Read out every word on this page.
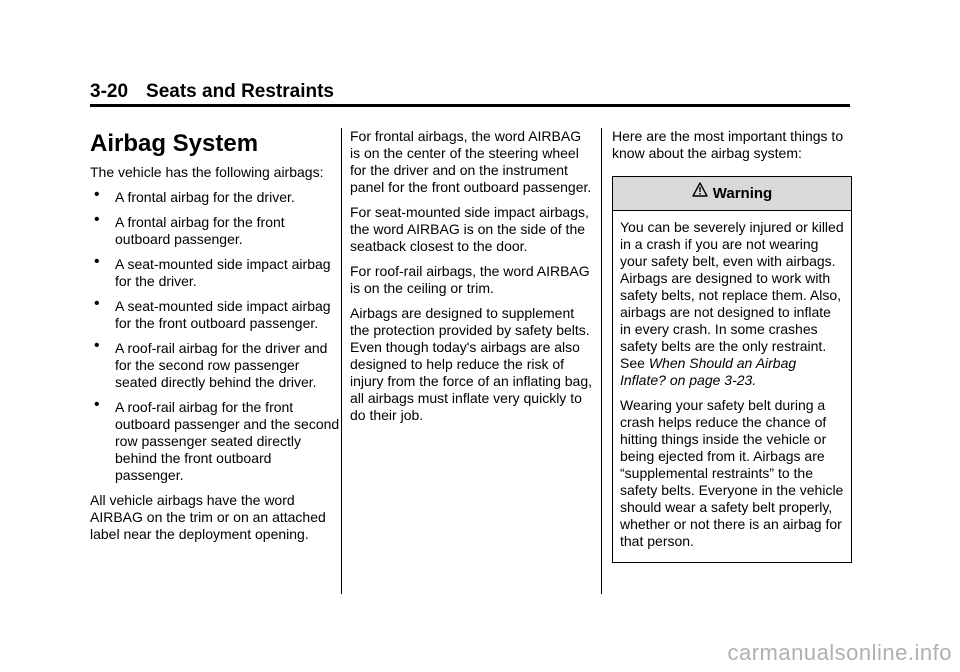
3-20 Seats and Restraints
Airbag System

The vehicle has the following airbags:

• A frontal airbag for the driver.
• A frontal airbag for the front outboard passenger.
• A seat-mounted side impact airbag for the driver.
• A seat-mounted side impact airbag for the front outboard passenger.
• A roof-rail airbag for the driver and for the second row passenger seated directly behind the driver.
• A roof-rail airbag for the front outboard passenger and the second row passenger seated directly behind the front outboard passenger.

All vehicle airbags have the word AIRBAG on the trim or on an attached label near the deployment opening.

For frontal airbags, the word AIRBAG is on the center of the steering wheel for the driver and on the instrument panel for the front outboard passenger.

For seat-mounted side impact airbags, the word AIRBAG is on the side of the seatback closest to the door.

For roof-rail airbags, the word AIRBAG is on the ceiling or trim.

Airbags are designed to supplement the protection provided by safety belts. Even though today's airbags are also designed to help reduce the risk of injury from the force of an inflating bag, all airbags must inflate very quickly to do their job.

Here are the most important things to know about the airbag system:

Warning

You can be severely injured or killed in a crash if you are not wearing your safety belt, even with airbags. Airbags are designed to work with safety belts, not replace them. Also, airbags are not designed to inflate in every crash. In some crashes safety belts are the only restraint. See When Should an Airbag Inflate? on page 3-23.

Wearing your safety belt during a crash helps reduce the chance of hitting things inside the vehicle or being ejected from it. Airbags are “supplemental restraints” to the safety belts. Everyone in the vehicle should wear a safety belt properly, whether or not there is an airbag for that person.

carmanualsonline.info
